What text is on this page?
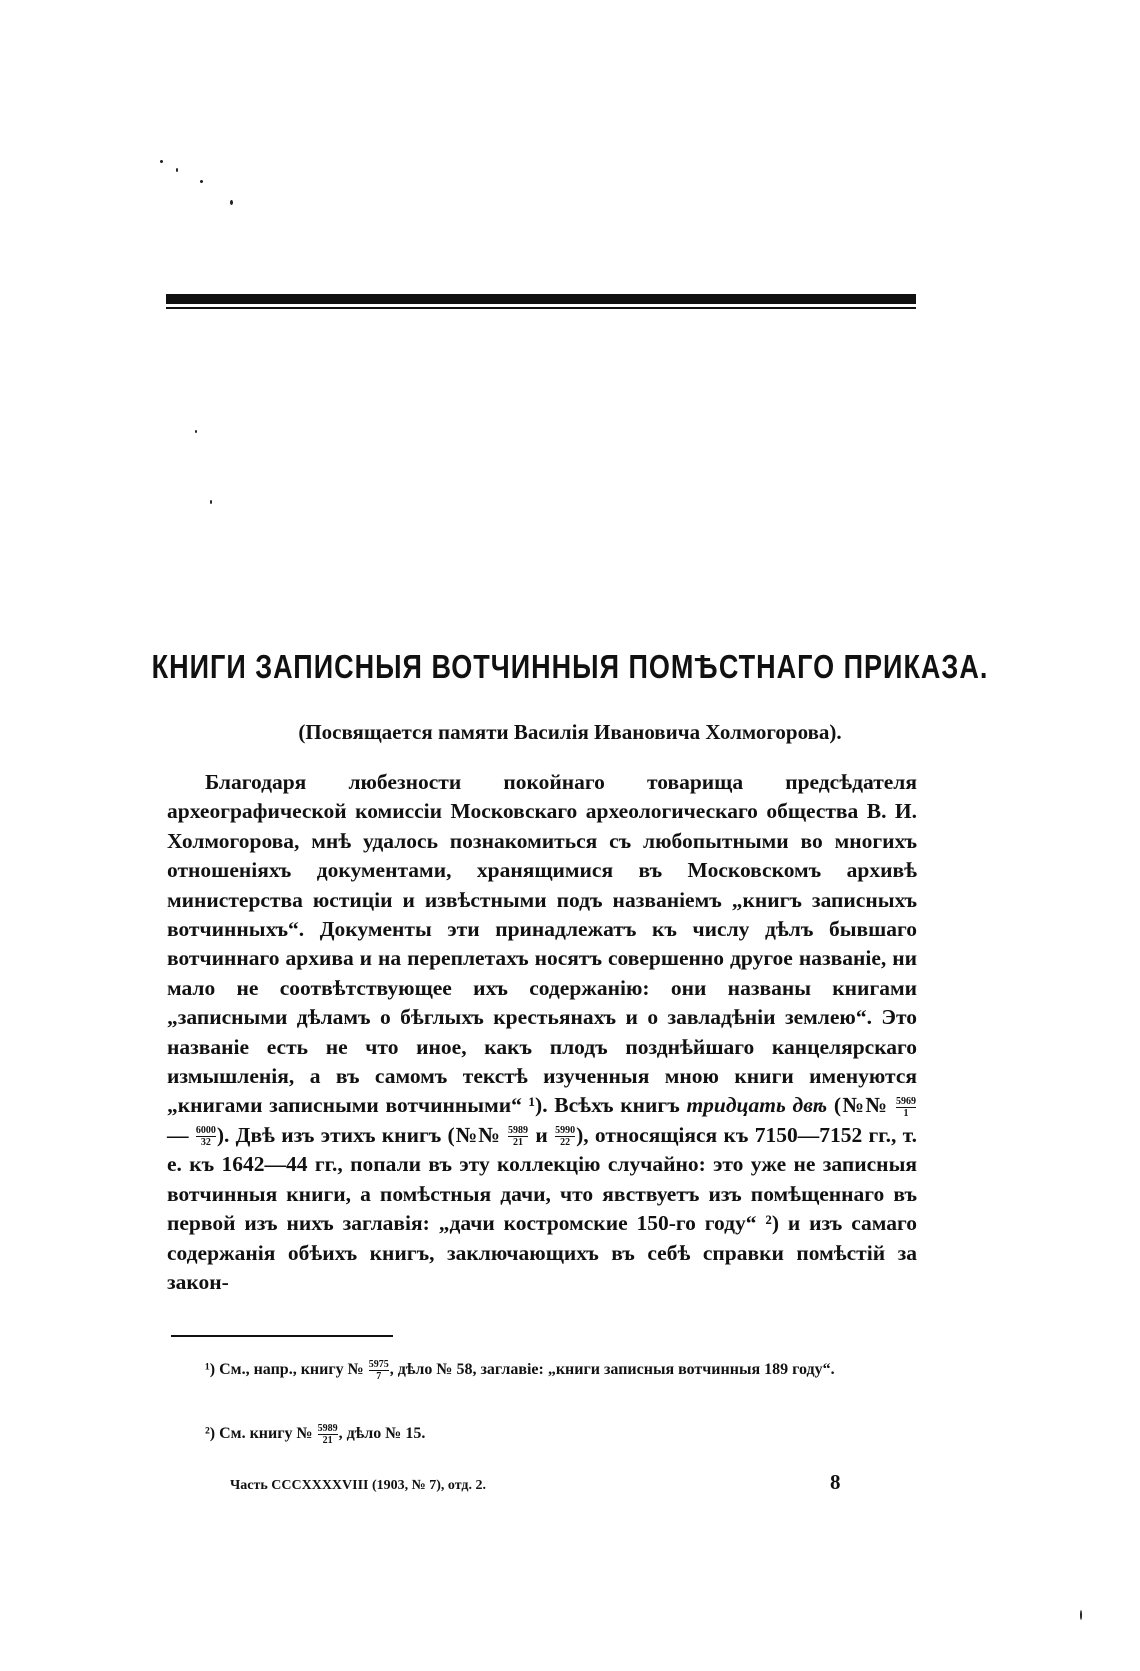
КНИГИ ЗАПИСНЫЯ ВОТЧИННЫЯ ПОМѢСТНАГО ПРИКАЗА.
(Посвящается памяти Василія Ивановича Холмогорова).

Благодаря любезности покойнаго товарища предсѣдателя археографической комиссіи Московскаго археологическаго общества В. И. Холмогорова, мнѣ удалось познакомиться съ любопытными во многихъ отношеніяхъ документами, хранящимися въ Московскомъ архивѣ министерства юстиціи и извѣстными подъ названіемъ „книгъ записныхъ вотчинныхъ“. Документы эти принадлежатъ къ числу дѣлъ бывшаго вотчиннаго архива и на переплетахъ носятъ совершенно другое названіе, ни мало не соотвѣтствующее ихъ содержанію: они названы книгами „записными дѣламъ о бѣглыхъ крестьянахъ и о завладѣніи землею“. Это названіе есть не что иное, какъ плодъ позднѣйшаго канцелярскаго измышленія, а въ самомъ текстѣ изученныя мною книги именуются „книгами записными вотчинными“ ¹). Всѣхъ книгъ тридцать двѣ (№№ $\frac{5969}{1}$
— $\frac{6000}{32}$ ). Двѣ изъ этихъ книгъ (№№ $\frac{5989}{21}$ и $\frac{5990}{22}$ ), относящіяся къ 7150—7152 гг., т. е. къ 1642—44 гг., попали въ эту коллекцію случайно: это уже не записныя вотчинныя книги, а помѣстныя дачи, что явствуетъ изъ помѣщеннаго въ первой изъ нихъ заглавія: „дачи костромские 150-го году“ ²) и изъ самаго содержанія обѣихъ книгъ, заключающихъ въ себѣ справки помѣстій за закон-

¹) См., напр., книгу № $\frac{5975}{7}$ , дѣло № 58, заглавіе: „книги записныя вотчинныя 189 году“.

²) См. книгу № $\frac{5989}{21}$ , дѣло № 15.

Часть CCCXXXXVIII (1903, № 7), отд. 2.	8
